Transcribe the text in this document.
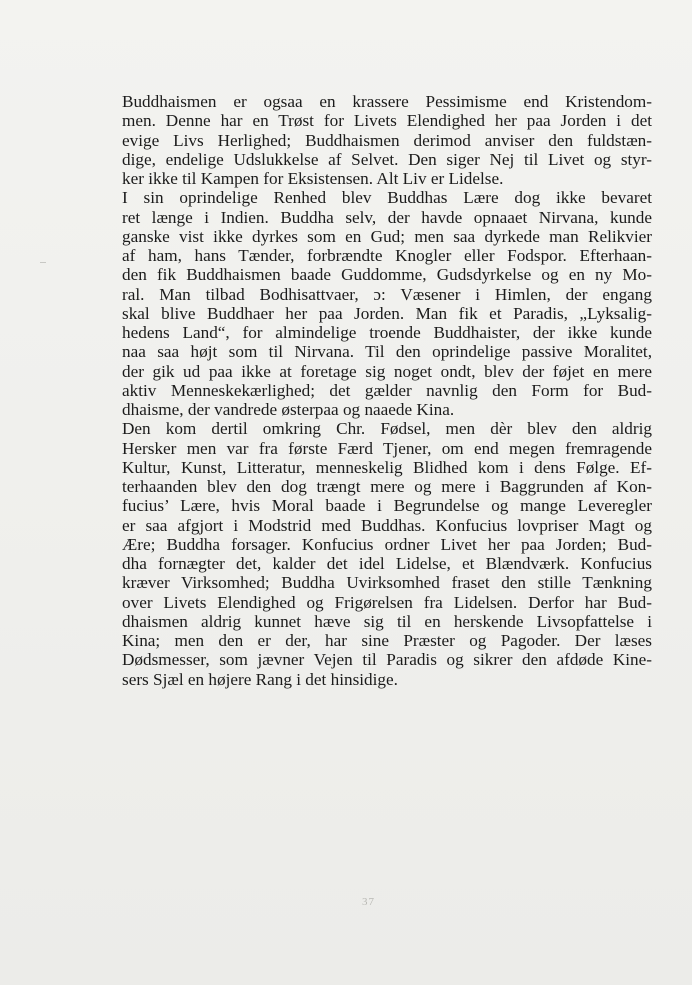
Buddhaismen er ogsaa en krassere Pessimisme end Kristendom-
men. Denne har en Trøst for Livets Elendighed her paa Jorden i det
evige Livs Herlighed; Buddhaismen derimod anviser den fuldstæn-
dige, endelige Udslukkelse af Selvet. Den siger Nej til Livet og styr-
ker ikke til Kampen for Eksistensen. Alt Liv er Lidelse.
I sin oprindelige Renhed blev Buddhas Lære dog ikke bevaret
ret længe i Indien. Buddha selv, der havde opnaaet Nirvana, kunde
ganske vist ikke dyrkes som en Gud; men saa dyrkede man Relikvier
af ham, hans Tænder, forbrændte Knogler eller Fodspor. Efterhaan-
den fik Buddhaismen baade Guddomme, Gudsdyrkelse og en ny Mo-
ral. Man tilbad Bodhisattvaer, ɔ: Væsener i Himlen, der engang
skal blive Buddhaer her paa Jorden. Man fik et Paradis, „Lyksalig-
hedens Land“, for almindelige troende Buddhaister, der ikke kunde
naa saa højt som til Nirvana. Til den oprindelige passive Moralitet,
der gik ud paa ikke at foretage sig noget ondt, blev der føjet en mere
aktiv Menneskekærlighed; det gælder navnlig den Form for Bud-
dhaisme, der vandrede østerpaa og naaede Kina.
Den kom dertil omkring Chr. Fødsel, men dèr blev den aldrig
Hersker men var fra første Færd Tjener, om end megen fremragende
Kultur, Kunst, Litteratur, menneskelig Blidhed kom i dens Følge. Ef-
terhaanden blev den dog trængt mere og mere i Baggrunden af Kon-
fucius’ Lære, hvis Moral baade i Begrundelse og mange Leveregler
er saa afgjort i Modstrid med Buddhas. Konfucius lovpriser Magt og
Ære; Buddha forsager. Konfucius ordner Livet her paa Jorden; Bud-
dha fornægter det, kalder det idel Lidelse, et Blændværk. Konfucius
kræver Virksomhed; Buddha Uvirksomhed fraset den stille Tænkning
over Livets Elendighed og Frigørelsen fra Lidelsen. Derfor har Bud-
dhaismen aldrig kunnet hæve sig til en herskende Livsopfattelse i
Kina; men den er der, har sine Præster og Pagoder. Der læses
Dødsmesser, som jævner Vejen til Paradis og sikrer den afdøde Kine-
sers Sjæl en højere Rang i det hinsidige.
37
